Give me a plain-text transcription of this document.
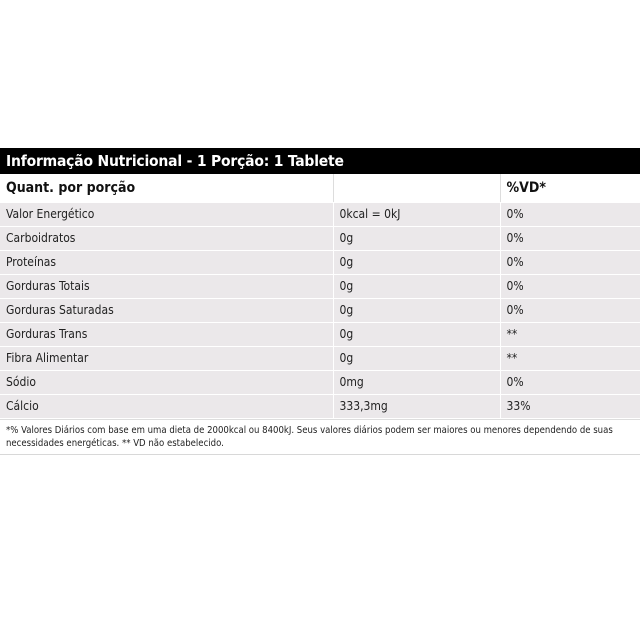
Informação Nutricional - 1 Porção: 1 Tablete
Quant. por porção		%VD*
Valor Energético	0kcal = 0kJ	0%
Carboidratos	0g	0%
Proteínas	0g	0%
Gorduras Totais	0g	0%
Gorduras Saturadas	0g	0%
Gorduras Trans	0g	**
Fibra Alimentar	0g	**
Sódio	0mg	0%
Cálcio	333,3mg	33%
*% Valores Diários com base em uma dieta de 2000kcal ou 8400kJ. Seus valores diários podem ser maiores ou menores dependendo de suas necessidades energéticas. ** VD não estabelecido.
